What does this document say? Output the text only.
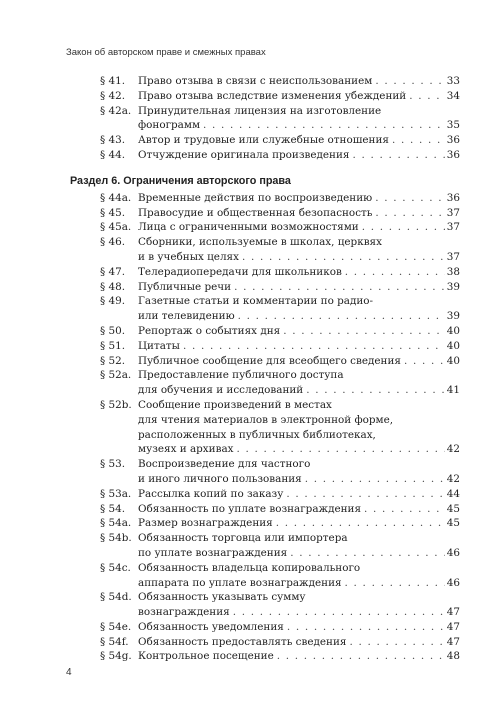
Закон об авторском праве и смежных правах
§ 41.	Право отзыва в связи с неиспользованием . . .	33
§ 42.	Право отзыва вследствие изменения убеждений . . .	34
§ 42a. Принудительная лицензия на изготовление
фонограмм . . .	35
§ 43.	Автор и трудовые или служебные отношения . . .	36
§ 44.	Отчуждение оригинала произведения . . .	36
Раздел 6. Ограничения авторского права
§ 44a. Временные действия по воспроизведению . . .	36
§ 45.	Правосудие и общественная безопасность . . .	37
§ 45a. Лица с ограниченными возможностями . . .	37
§ 46.	Сборники, используемые в школах, церквях
и в учебных целях . . .	37
§ 47.	Телерадиопередачи для школьников . . .	38
§ 48.	Публичные речи . . .	39
§ 49.	Газетные статьи и комментарии по радио-
или телевидению . . .	39
§ 50.	Репортаж о событиях дня . . .	40
§ 51.	Цитаты . . .	40
§ 52.	Публичное сообщение для всеобщего сведения . . .	40
§ 52a. Предоставление публичного доступа
для обучения и исследований . . .	41
§ 52b. Сообщение произведений в местах
для чтения материалов в электронной форме,
расположенных в публичных библиотеках,
музеях и архивах . . .	42
§ 53.	Воспроизведение для частного
и иного личного пользования . . .	42
§ 53a. Рассылка копий по заказу . . .	44
§ 54.	Обязанность по уплате вознаграждения . . .	45
§ 54a. Размер вознаграждения . . .	45
§ 54b. Обязанность торговца или импортера
по уплате вознаграждения . . .	46
§ 54c. Обязанность владельца копировального
аппарата по уплате вознаграждения . . .	46
§ 54d. Обязанность указывать сумму
вознаграждения . . .	47
§ 54e. Обязанность уведомления . . .	47
§ 54f. Обязанность предоставлять сведения . . .	47
§ 54g. Контрольное посещение . . .	48
4
